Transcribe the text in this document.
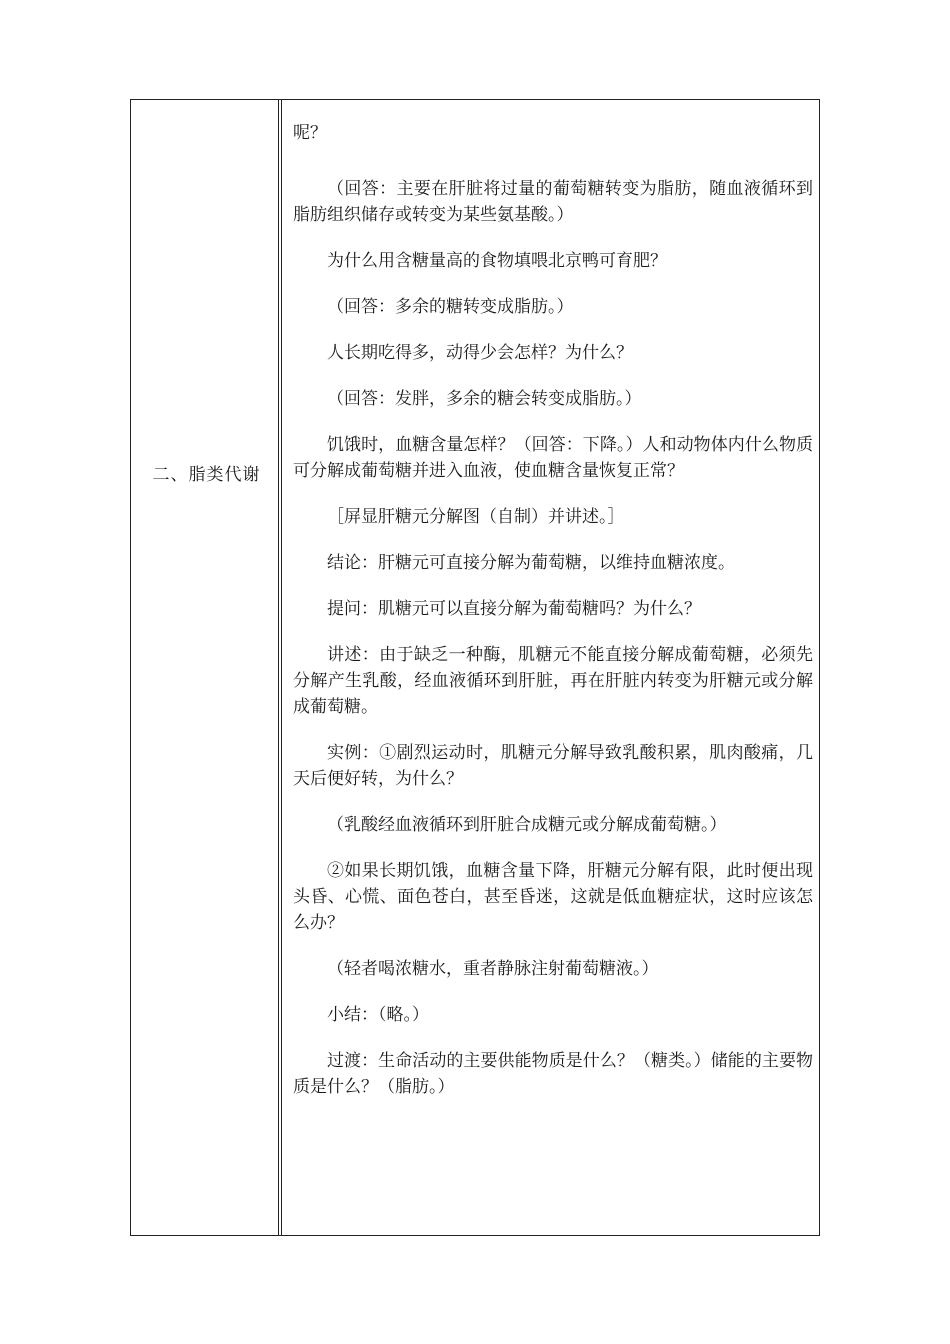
二、脂类代谢

呢？

（回答：主要在肝脏将过量的葡萄糖转变为脂肪，随血液循环到脂肪组织储存或转变为某些氨基酸。）

为什么用含糖量高的食物填喂北京鸭可育肥？

（回答：多余的糖转变成脂肪。）

人长期吃得多，动得少会怎样？为什么？

（回答：发胖，多余的糖会转变成脂肪。）

饥饿时，血糖含量怎样？（回答：下降。）人和动物体内什么物质可分解成葡萄糖并进入血液，使血糖含量恢复正常？

［屏显肝糖元分解图（自制）并讲述。］

结论：肝糖元可直接分解为葡萄糖，以维持血糖浓度。

提问：肌糖元可以直接分解为葡萄糖吗？为什么？

讲述：由于缺乏一种酶，肌糖元不能直接分解成葡萄糖，必须先分解产生乳酸，经血液循环到肝脏，再在肝脏内转变为肝糖元或分解成葡萄糖。

实例：①剧烈运动时，肌糖元分解导致乳酸积累，肌肉酸痛，几天后便好转，为什么？

（乳酸经血液循环到肝脏合成糖元或分解成葡萄糖。）

②如果长期饥饿，血糖含量下降，肝糖元分解有限，此时便出现头昏、心慌、面色苍白，甚至昏迷，这就是低血糖症状，这时应该怎么办？

（轻者喝浓糖水，重者静脉注射葡萄糖液。）

小结：（略。）

过渡：生命活动的主要供能物质是什么？（糖类。）储能的主要物质是什么？（脂肪。）
